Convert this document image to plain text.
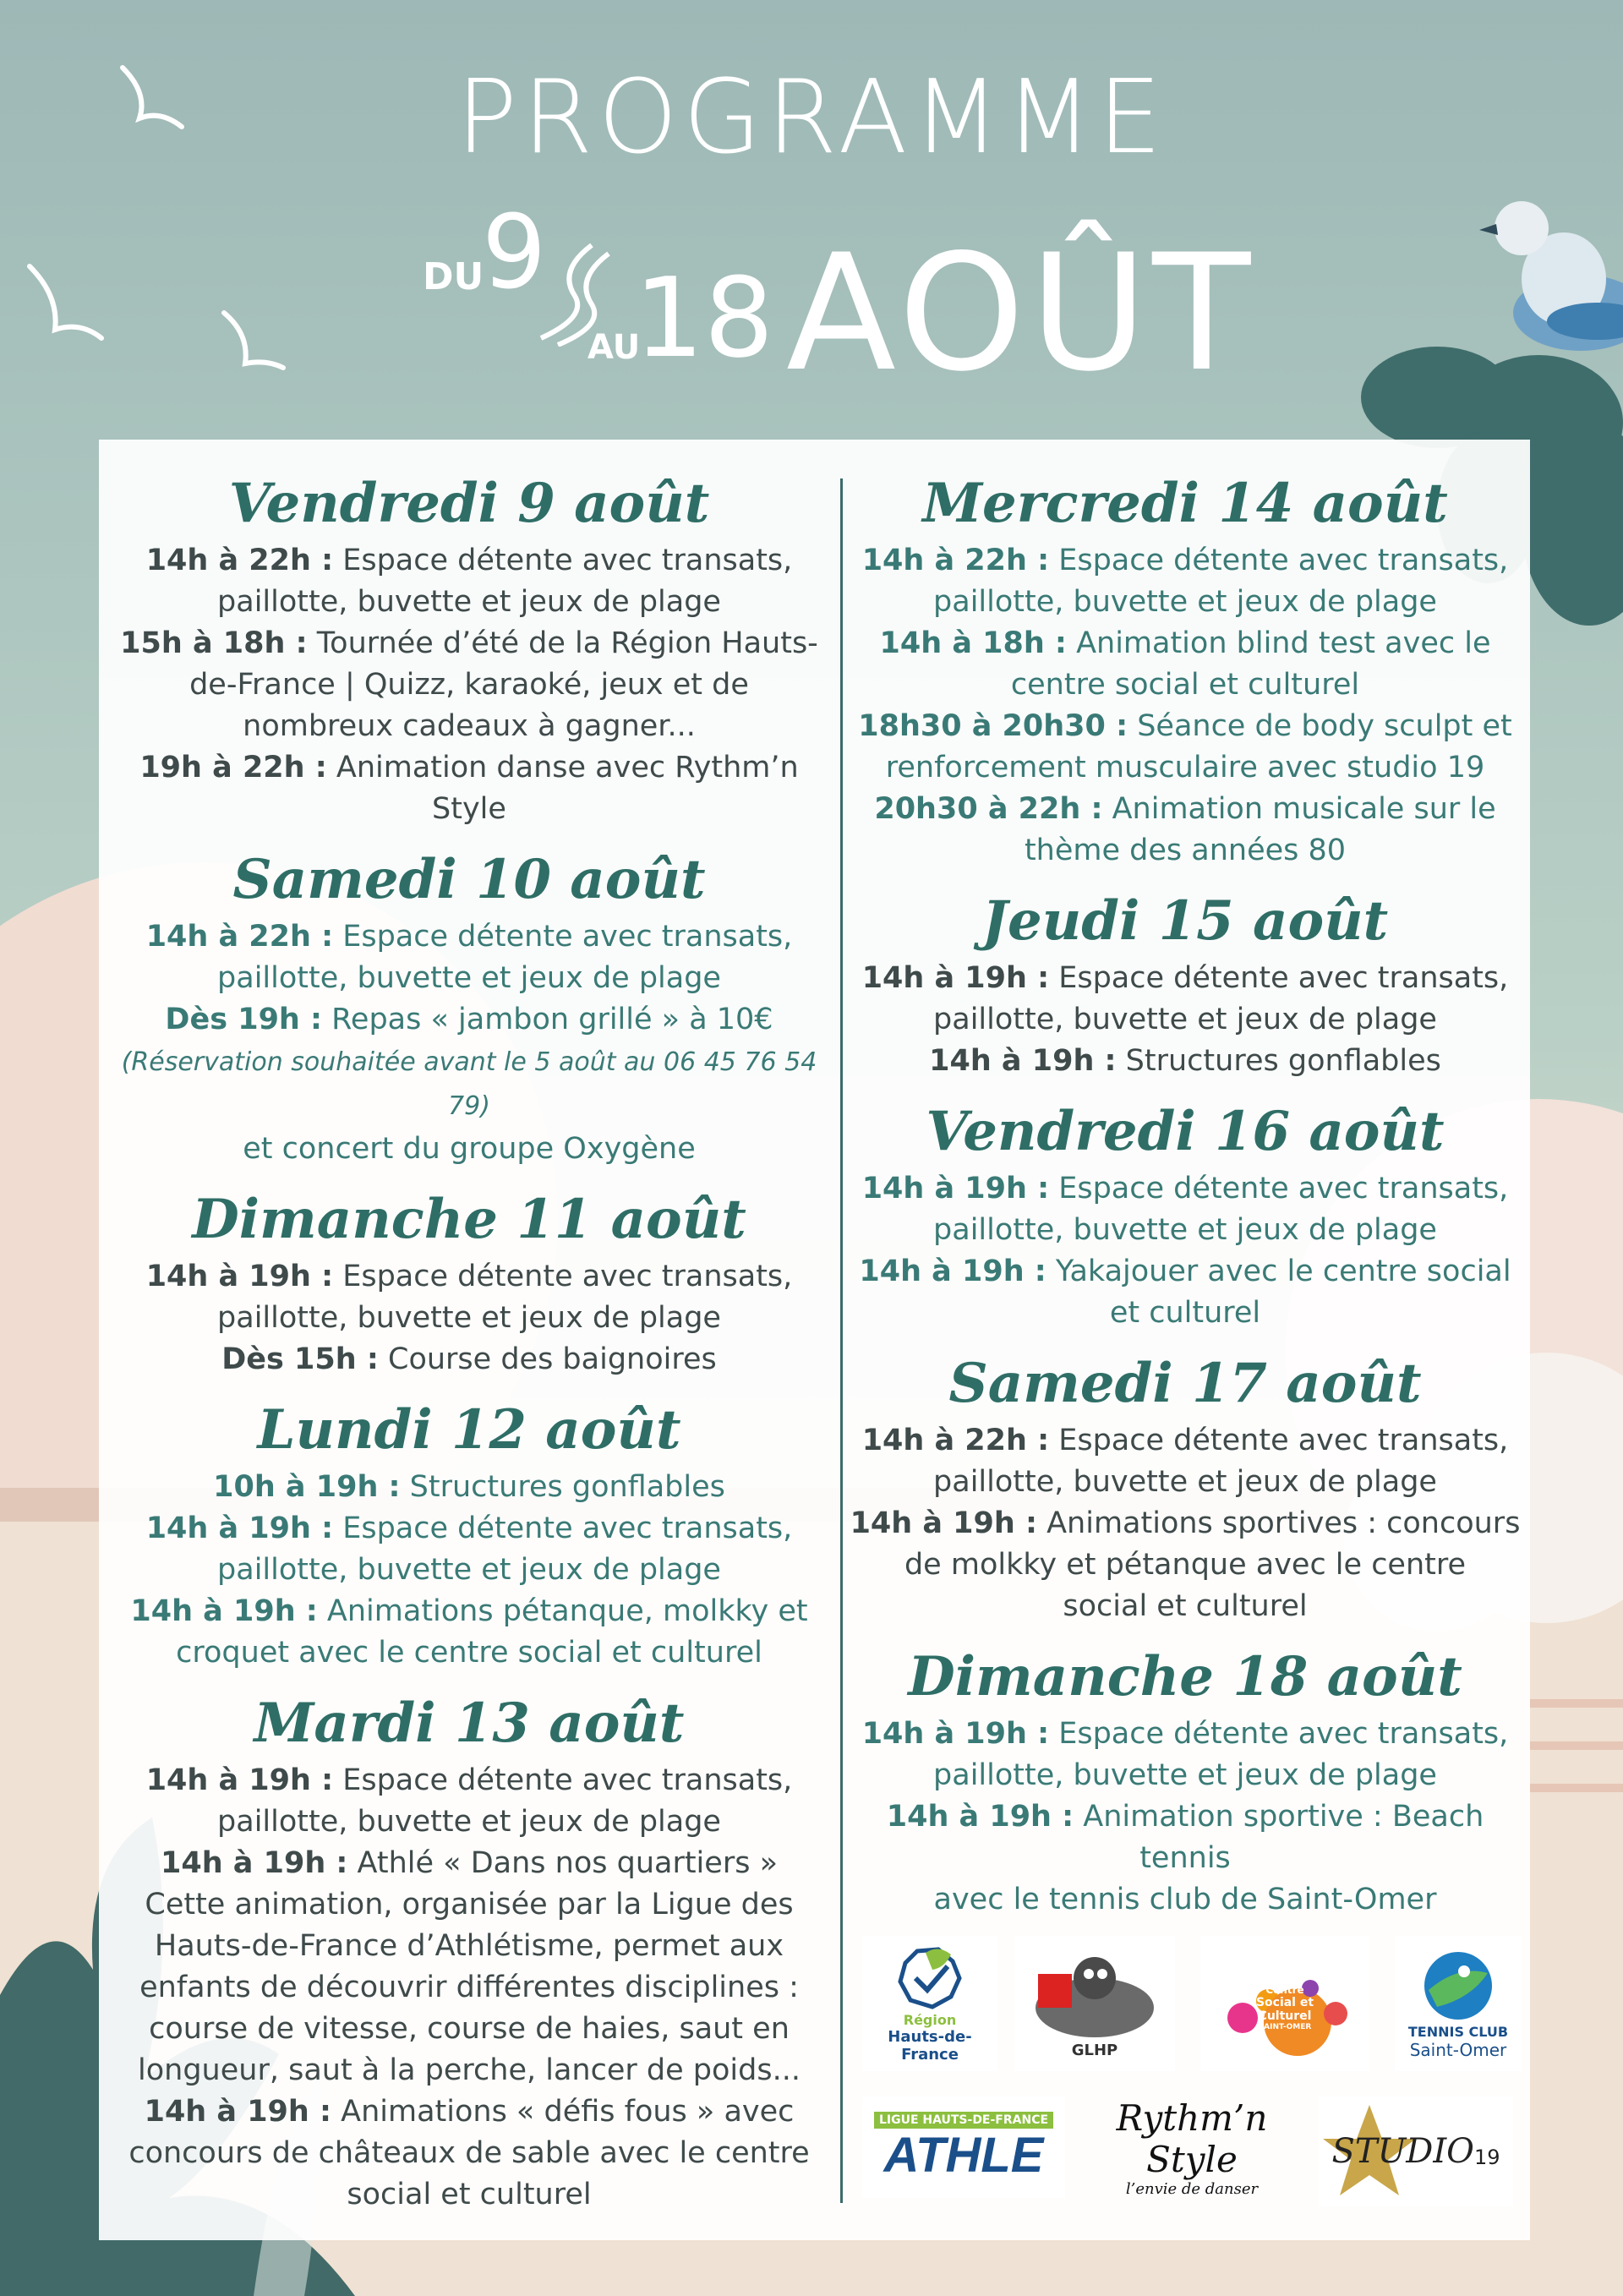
PROGRAMME
DU
9
AU
18 AOÛT
Vendredi 9 août

14h à 22h : Espace détente avec transats,

paillotte, buvette et jeux de plage

15h à 18h : Tournée d’été de la Région Hauts-

de-France | Quizz, karaoké, jeux et de

nombreux cadeaux à gagner...

19h à 22h : Animation danse avec Rythm’n Style

Samedi 10 août

14h à 22h : Espace détente avec transats,

paillotte, buvette et jeux de plage

Dès 19h : Repas « jambon grillé » à 10€

(Réservation souhaitée avant le 5 août au 06 45 76 54 79)

et concert du groupe Oxygène

Dimanche 11 août

14h à 19h : Espace détente avec transats,

paillotte, buvette et jeux de plage

Dès 15h : Course des baignoires

Lundi 12 août

10h à 19h : Structures gonflables

14h à 19h : Espace détente avec transats,

paillotte, buvette et jeux de plage

14h à 19h : Animations pétanque, molkky et

croquet avec le centre social et culturel

Mardi 13 août

14h à 19h : Espace détente avec transats,

paillotte, buvette et jeux de plage

14h à 19h : Athlé « Dans nos quartiers »

Cette animation, organisée par la Ligue des

Hauts-de-France d’Athlétisme, permet aux

enfants de découvrir différentes disciplines :

course de vitesse, course de haies, saut en

longueur, saut à la perche, lancer de poids...

14h à 19h : Animations « défis fous » avec

concours de châteaux de sable avec le centre

social et culturel

Mercredi 14 août

14h à 22h : Espace détente avec transats,

paillotte, buvette et jeux de plage

14h à 18h : Animation blind test avec le

centre social et culturel

18h30 à 20h30 : Séance de body sculpt et

renforcement musculaire avec studio 19

20h30 à 22h : Animation musicale sur le

thème des années 80

Jeudi 15 août

14h à 19h : Espace détente avec transats,

paillotte, buvette et jeux de plage

14h à 19h : Structures gonflables

Vendredi 16 août

14h à 19h : Espace détente avec transats,

paillotte, buvette et jeux de plage

14h à 19h : Yakajouer avec le centre social

et culturel

Samedi 17 août

14h à 22h : Espace détente avec transats,

paillotte, buvette et jeux de plage

14h à 19h : Animations sportives : concours

de molkky et pétanque avec le centre

social et culturel

Dimanche 18 août

14h à 19h : Espace détente avec transats,

paillotte, buvette et jeux de plage

14h à 19h : Animation sportive : Beach tennis

avec le tennis club de Saint-Omer

Région
Hauts-de-France	GLHP
Centre
Social et
Culturel
SAINT-OMER	TENNIS CLUB
Saint-Omer
LIGUE HAUTS-DE-FRANCE
ATHLE
Rythm’n Style
l’envie de danser
STUDIO 19
